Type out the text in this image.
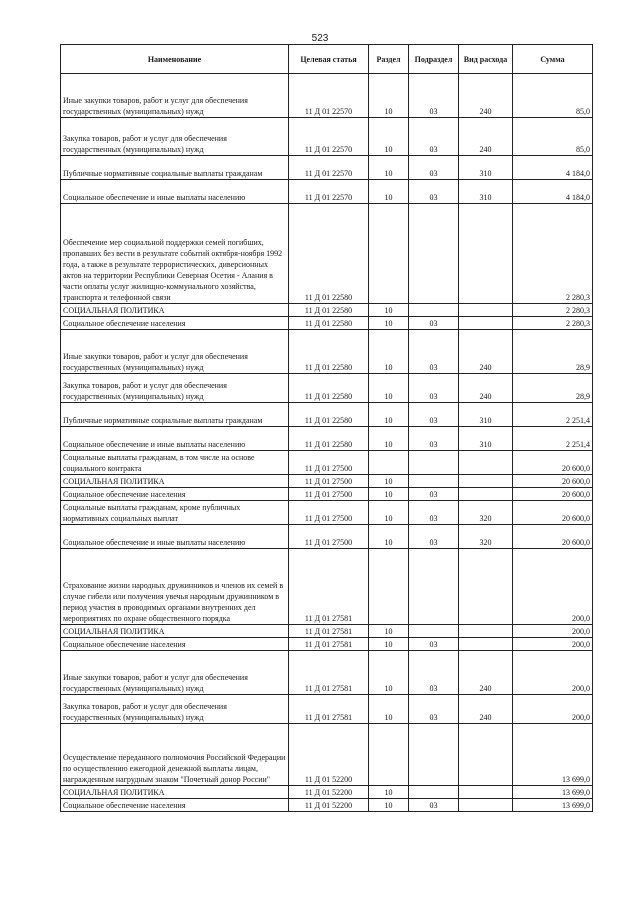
523
Наименование	Целевая статья	Раздел	Подраздел	Вид расхода	Сумма
Иные закупки товаров, работ и услуг для обеспечения государственных (муниципальных) нужд	11 Д 01 22570	10	03	240	85,0
Закупка товаров, работ и услуг для обеспечения государственных (муниципальных) нужд	11 Д 01 22570	10	03	240	85,0
Публичные нормативные социальные выплаты гражданам	11 Д 01 22570	10	03	310	4 184,0
Социальное обеспечение и иные выплаты населению	11 Д 01 22570	10	03	310	4 184,0
Обеспечение мер социальной поддержки семей погибших, пропавших без вести в результате событий октября-ноября 1992 года, а также в результате террористических, диверсионных актов на территории Республики Северная Осетия - Алания в части оплаты услуг жилищно-коммунального хозяйства, транспорта и телефонной связи	11 Д 01 22580				2 280,3
СОЦИАЛЬНАЯ ПОЛИТИКА	11 Д 01 22580	10			2 280,3
Социальное обеспечение населения	11 Д 01 22580	10	03		2 280,3
Иные закупки товаров, работ и услуг для обеспечения государственных (муниципальных) нужд	11 Д 01 22580	10	03	240	28,9
Закупка товаров, работ и услуг для обеспечения государственных (муниципальных) нужд	11 Д 01 22580	10	03	240	28,9
Публичные нормативные социальные выплаты гражданам	11 Д 01 22580	10	03	310	2 251,4
Социальное обеспечение и иные выплаты населению	11 Д 01 22580	10	03	310	2 251,4
Социальные выплаты гражданам, в том числе на основе социального контракта	11 Д 01 27500				20 600,0
СОЦИАЛЬНАЯ ПОЛИТИКА	11 Д 01 27500	10			20 600,0
Социальное обеспечение населения	11 Д 01 27500	10	03		20 600,0
Социальные выплаты гражданам, кроме публичных нормативных социальных выплат	11 Д 01 27500	10	03	320	20 600,0
Социальное обеспечение и иные выплаты населению	11 Д 01 27500	10	03	320	20 600,0
Страхование жизни народных дружинников и членов их семей в случае гибели или получения увечья народным дружинником в период участия в проводимых органами внутренних дел мероприятиях по охране общественного порядка	11 Д 01 27581				200,0
СОЦИАЛЬНАЯ ПОЛИТИКА	11 Д 01 27581	10			200,0
Социальное обеспечение населения	11 Д 01 27581	10	03		200,0
Иные закупки товаров, работ и услуг для обеспечения государственных (муниципальных) нужд	11 Д 01 27581	10	03	240	200,0
Закупка товаров, работ и услуг для обеспечения государственных (муниципальных) нужд	11 Д 01 27581	10	03	240	200,0
Осуществление переданного полномочия Российской Федерации по осуществлению ежегодной денежной выплаты лицам, награжденным нагрудным знаком "Почетный донор России"	11 Д 01 52200				13 699,0
СОЦИАЛЬНАЯ ПОЛИТИКА	11 Д 01 52200	10			13 699,0
Социальное обеспечение населения	11 Д 01 52200	10	03		13 699,0
